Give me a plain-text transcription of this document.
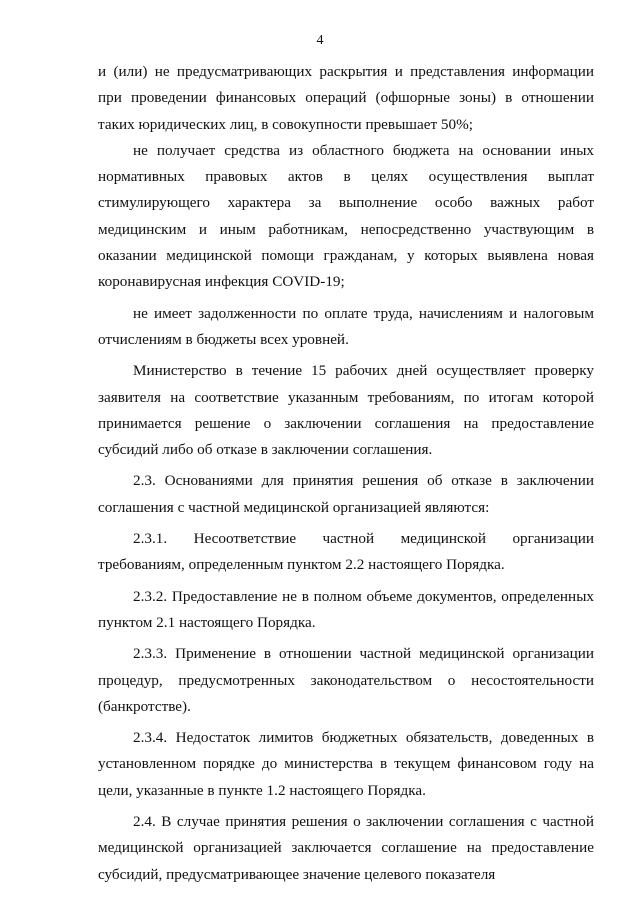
4

и (или) не предусматривающих раскрытия и представления информации при проведении финансовых операций (офшорные зоны) в отношении таких юридических лиц, в совокупности превышает 50%;

не получает средства из областного бюджета на основании иных нормативных правовых актов в целях осуществления выплат стимулирующего характера за выполнение особо важных работ медицинским и иным работникам, непосредственно участвующим в оказании медицинской помощи гражданам, у которых выявлена новая коронавирусная инфекция COVID-19;

не имеет задолженности по оплате труда, начислениям и налоговым отчислениям в бюджеты всех уровней.

Министерство в течение 15 рабочих дней осуществляет проверку заявителя на соответствие указанным требованиям, по итогам которой принимается решение о заключении соглашения на предоставление субсидий либо об отказе в заключении соглашения.

2.3. Основаниями для принятия решения об отказе в заключении соглашения с частной медицинской организацией являются:

2.3.1. Несоответствие частной медицинской организации требованиям, определенным пунктом 2.2 настоящего Порядка.

2.3.2. Предоставление не в полном объеме документов, определенных пунктом 2.1 настоящего Порядка.

2.3.3. Применение в отношении частной медицинской организации процедур, предусмотренных законодательством о несостоятельности (банкротстве).

2.3.4. Недостаток лимитов бюджетных обязательств, доведенных в установленном порядке до министерства в текущем финансовом году на цели, указанные в пункте 1.2 настоящего Порядка.

2.4. В случае принятия решения о заключении соглашения с частной медицинской организацией заключается соглашение на предоставление субсидий, предусматривающее значение целевого показателя
